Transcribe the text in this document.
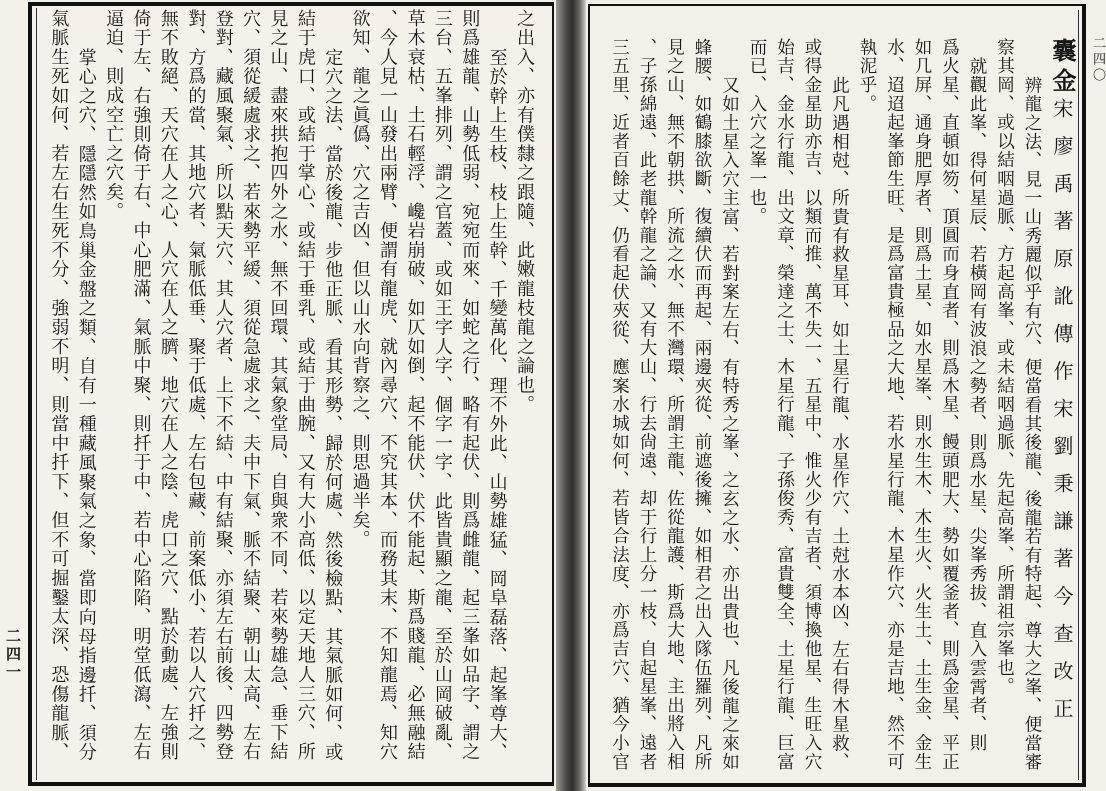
囊金宋廖禹著原訛傳作宋劉秉謙著今查改正
辨龍之法、見一山秀麗似乎有穴、便當看其後龍、後龍若有特起、尊大之峯、便當審
察其岡、或以結咽過脈、方起高峯、或未結咽過脈、先起高峯、所謂祖宗峯也。
就觀此峯、得何星辰、若橫岡有波浪之勢者、則爲水星、尖峯秀拔、直入雲霄者、則
爲火星、直頓如笏、頂圓而身直者、則爲木星、饅頭肥大、勢如覆釜者、則爲金星、平正
如几屏、通身肥厚者、則爲土星、如水星峯、則水生木、木生火、火生土、土生金、金生
水、迢迢起峯節生旺、是爲富貴極品之大地、若水星行龍、木星作穴、亦是吉地、然不可
執泥乎。
此凡遇相尅、所貴有救星耳、如土星行龍、水星作穴、土尅水本凶、左右得木星救、
或得金星助亦吉、以類而推、萬不失一、五星中、惟火少有吉者、須博換他星、生旺入穴
始吉、金水行龍、出文章、榮達之士、木星行龍、子孫俊秀、富貴雙全、土星行龍、巨富
而已、入穴之峯一也。
又如土星入穴主富、若對案左右、有特秀之峯、之玄之水、亦出貴也、凡後龍之來如
蜂腰、如鶴膝欲斷、復續伏而再起、兩邊夾從、前遮後擁、如相君之出入隊伍羅列、凡所
見之山、無不朝拱、所流之水、無不灣環、所謂主龍、佐從龍護、斯爲大地、主出將入相
、子孫綿遠、此老龍幹龍之論、又有大山、行去尙遠、却于行上分一枝、自起星峯、遠者
三五里、近者百餘丈、仍看起伏夾從、應案水城如何、若皆合法度、亦爲吉穴、猶今小官
之出入、亦有僕隸之跟隨、此嫩龍枝龍之論也。
至於幹上生枝、枝上生幹、千變萬化、理不外此、山勢雄猛、岡阜磊落、起峯尊大、
則爲雄龍、山勢低弱、宛宛而來、如蛇之行、略有起伏、則爲雌龍、起三峯如品字、謂之
三台、五峯排列、謂之官蓋、或如王字人字、個字一字、此皆貴顯之龍、至於山岡破亂、
草木衰枯、土石輕浮、巉岩崩破、如仄如倒、起不能伏、伏不能起、斯爲賤龍、必無融結
、今人見一山發出兩臂、便謂有龍虎、就內尋穴、不究其本、而務其末、不知龍焉、知穴
欲知、龍之眞僞、穴之吉凶、但以山水向背察之、則思過半矣。
定穴之法、當於後龍、步他正脈、看其形勢、歸於何處、然後檢點、其氣脈如何、或
結于虎口、或結于掌心、或結于垂乳、或結于曲腕、又有大小高低、以定天地人三穴、所
見之山、盡來拱抱四外之水、無不回環、其氣象堂局、自與衆不同、若來勢雄急、垂下結
穴、須從緩處求之、若來勢平緩、須從急處求之、夫中下氣、脈不結聚、朝山太高、左右
登對、藏風聚氣、所以點天穴、其人穴者、上下不結、中有結聚、亦須左右前後、四勢登
對、方爲的當、其地穴者、氣脈低垂、聚于低處、左右包藏、前案低小、若以人穴扦之、
無不敗絕、天穴在人之心、人穴在人之臍、地穴在人之陰、虎口之穴、點於動處、左強則
倚于左、右強則倚于右、中心肥滿、氣脈中聚、則扦于中、若中心陷陷、明堂低瀉、左右
逼迫、則成空亡之穴矣。
掌心之穴、隱隱然如鳥巢金盤之類、自有一種藏風聚氣之象、當即向母指邊扦、須分
氣脈生死如何、若左右生死不分、強弱不明、則當中扦下、但不可掘鑿太深、恐傷龍脈、
二四一
二四〇
